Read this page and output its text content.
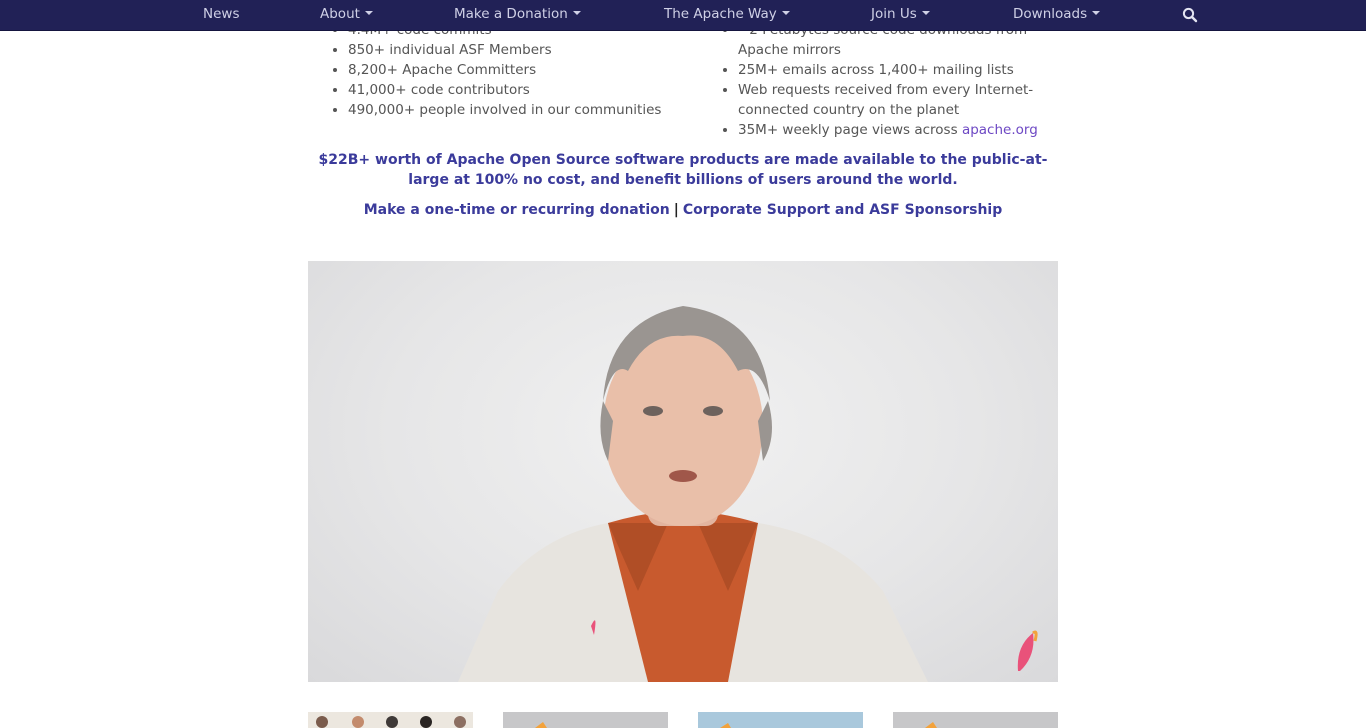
News	About	Make a Donation	The Apache Way	Join Us	Downloads
•
• 850+ individual ASF Members
• 8,200+ Apache Committers
• 41,000+ code contributors
• 490,000+ people involved in our communities
• Apache mirrors
• 25M+ emails across 1,400+ mailing lists
• Web requests received from every Internet-connected country on the planet
• 35M+ weekly page views across apache.org
$22B+ worth of Apache Open Source software products are made available to the public-at-large at 100% no cost, and benefit billions of users around the world.
Make a one-time or recurring donation | Corporate Support and ASF Sponsorship
